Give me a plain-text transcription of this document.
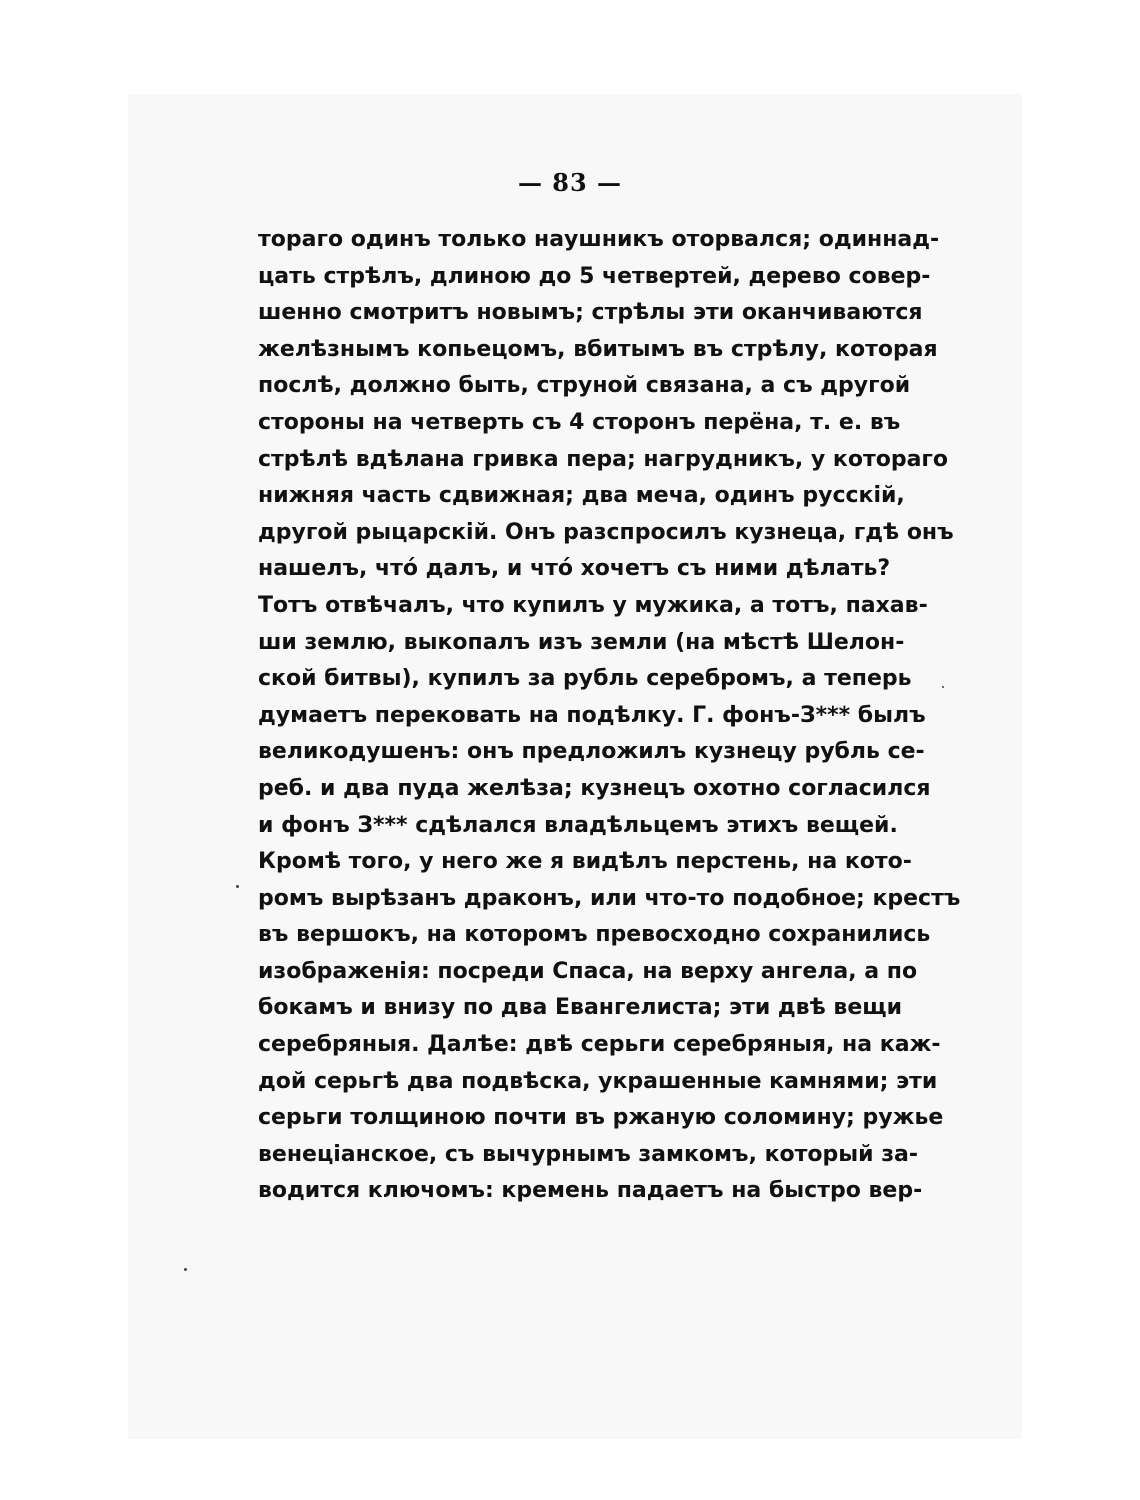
— 83 —
тораго одинъ только наушникъ оторвался; одиннад-
цать стрѣлъ, длиною до 5 четвертей, дерево совер-
шенно смотритъ новымъ; стрѣлы эти оканчиваются
желѣзнымъ копьецомъ, вбитымъ въ стрѣлу, которая
послѣ, должно быть, струной связана, а съ другой
стороны на четверть съ 4 сторонъ перёна, т. е. въ
стрѣлѣ вдѣлана гривка пера; нагрудникъ, у котораго
нижняя часть сдвижная; два меча, одинъ русскій,
другой рыцарскій. Онъ разспросилъ кузнеца, гдѣ онъ
нашелъ, что́ далъ, и что́ хочетъ съ ними дѣлать?
Тотъ отвѣчалъ, что купилъ у мужика, а тотъ, пахав-
ши землю, выкопалъ изъ земли (на мѣстѣ Шелон-
ской битвы), купилъ за рубль серебромъ, а теперь
думаетъ перековать на подѣлку. Г. фонъ-З*** былъ
великодушенъ: онъ предложилъ кузнецу рубль се-
реб. и два пуда желѣза; кузнецъ охотно согласился
и фонъ З*** сдѣлался владѣльцемъ этихъ вещей.
Кромѣ того, у него же я видѣлъ перстень, на кото-
ромъ вырѣзанъ драконъ, или что-то подобное; крестъ
въ вершокъ, на которомъ превосходно сохранились
изображенія: посреди Спаса, на верху ангела, а по
бокамъ и внизу по два Евангелиста; эти двѣ вещи
серебряныя. Далѣе: двѣ серьги серебряныя, на каж-
дой серьгѣ два подвѣска, украшенные камнями; эти
серьги толщиною почти въ ржаную соломину; ружье
венеціанское, съ вычурнымъ замкомъ, который за-
водится ключомъ: кремень падаетъ на быстро вер-
